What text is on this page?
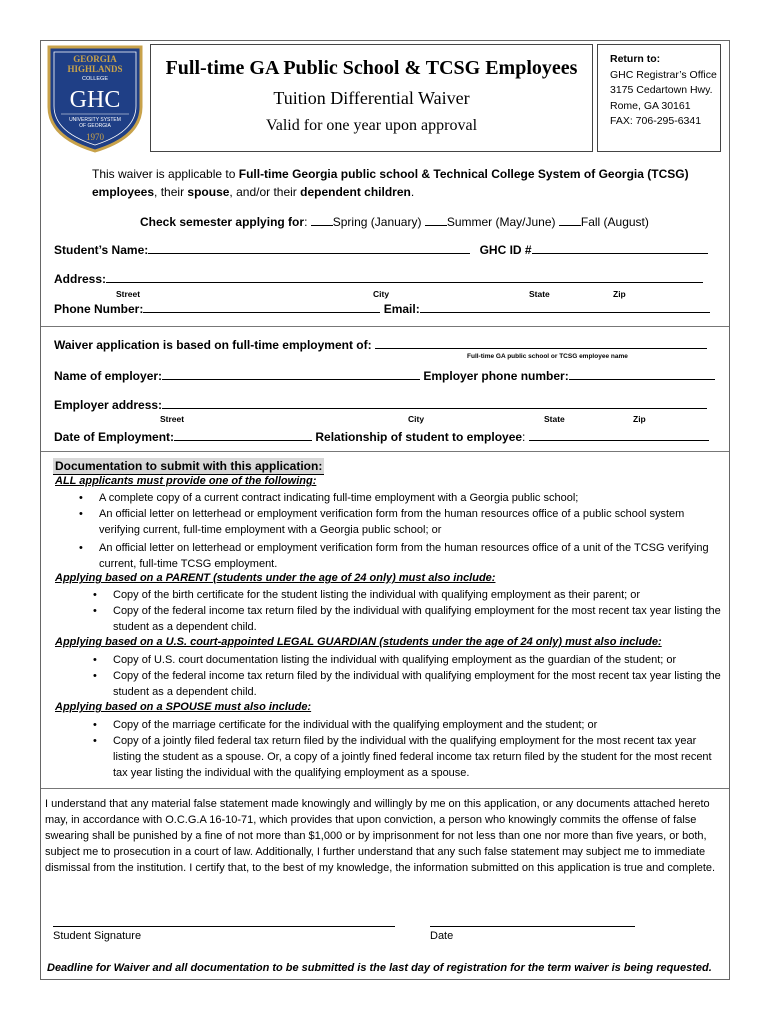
GEORGIA
HIGHLANDS
COLLEGE
GHC
UNIVERSITY SYSTEM
OF GEORGIA
1970
Full-time GA Public School & TCSG Employees
Tuition Differential Waiver
Valid for one year upon approval
Return to:
GHC Registrar’s Office
3175 Cedartown Hwy.
Rome, GA 30161
FAX: 706-295-6341
This waiver is applicable to Full-time Georgia public school & Technical College System of Georgia (TCSG)
employees, their spouse, and/or their dependent children.
Check semester applying for: Spring (January) Summer (May/June) Fall (August)
Student’s Name:	GHC ID #
Address:
Street	City	State	Zip
Phone Number:	Email:
Waiver application is based on full-time employment of:
Full-time GA public school or TCSG employee name
Name of employer:	Employer phone number:
Employer address:
Street	City	State	Zip
Date of Employment:	Relationship of student to employee:
Documentation to submit with this application:
ALL applicants must provide one of the following:
• A complete copy of a current contract indicating full-time employment with a Georgia public school;
• An official letter on letterhead or employment verification form from the human resources office of a public school system verifying current, full-time employment with a Georgia public school; or
• An official letter on letterhead or employment verification form from the human resources office of a unit of the TCSG verifying current, full-time TCSG employment.
Applying based on a PARENT (students under the age of 24 only) must also include:
• Copy of the birth certificate for the student listing the individual with qualifying employment as their parent; or
• Copy of the federal income tax return filed by the individual with qualifying employment for the most recent tax year listing the student as a dependent child.
Applying based on a U.S. court-appointed LEGAL GUARDIAN (students under the age of 24 only) must also include:
• Copy of U.S. court documentation listing the individual with qualifying employment as the guardian of the student; or
• Copy of the federal income tax return filed by the individual with qualifying employment for the most recent tax year listing the student as a dependent child.
Applying based on a SPOUSE must also include:
• Copy of the marriage certificate for the individual with the qualifying employment and the student; or
• Copy of a jointly filed federal tax return filed by the individual with the qualifying employment for the most recent tax year listing the student as a spouse. Or, a copy of a jointly fined federal income tax return filed by the student for the most recent tax year listing the individual with the qualifying employment as a spouse.
I understand that any material false statement made knowingly and willingly by me on this application, or any documents attached hereto may, in accordance with O.C.G.A 16-10-71, which provides that upon conviction, a person who knowingly commits the offense of false swearing shall be punished by a fine of not more than $1,000 or by imprisonment for not less than one nor more than five years, or both, subject me to prosecution in a court of law. Additionally, I further understand that any such false statement may subject me to immediate dismissal from the institution. I certify that, to the best of my knowledge, the information submitted on this application is true and complete.
Student Signature	Date
Deadline for Waiver and all documentation to be submitted is the last day of registration for the term waiver is being requested.
